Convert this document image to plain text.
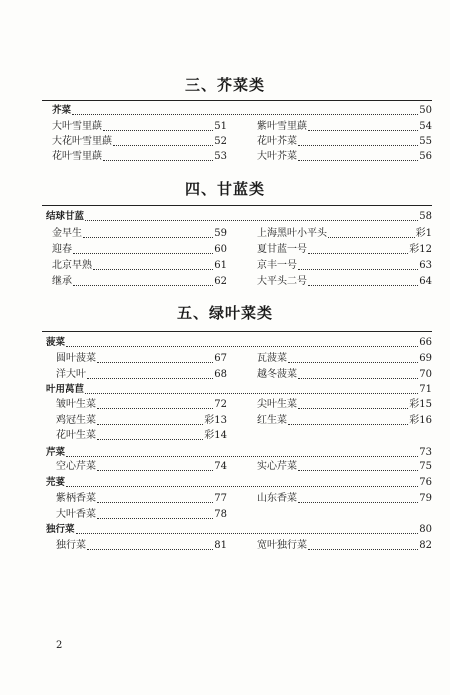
三、芥菜类
芥菜	50
大叶雪里蕻	51	紫叶雪里蕻	54
大花叶雪里蕻	52	花叶芥菜	55
花叶雪里蕻	53	大叶芥菜	56
四、甘蓝类
结球甘蓝	58
金早生	59	上海黑叶小平头	彩1
迎春	60	夏甘蓝一号	彩12
北京早熟	61	京丰一号	63
继承	62	大平头二号	64
五、绿叶菜类
菠菜	66
圆叶菠菜	67	瓦菠菜	69
洋大叶	68	越冬菠菜	70
叶用莴苣	71
皱叶生菜	72	尖叶生菜	彩15
鸡冠生菜	彩13	红生菜	彩16
花叶生菜	彩14
芹菜	73
空心芹菜	74	实心芹菜	75
芫荽	76
紫柄香菜	77	山东香菜	79
大叶香菜	78
独行菜	80
独行菜	81	宽叶独行菜	82
2
